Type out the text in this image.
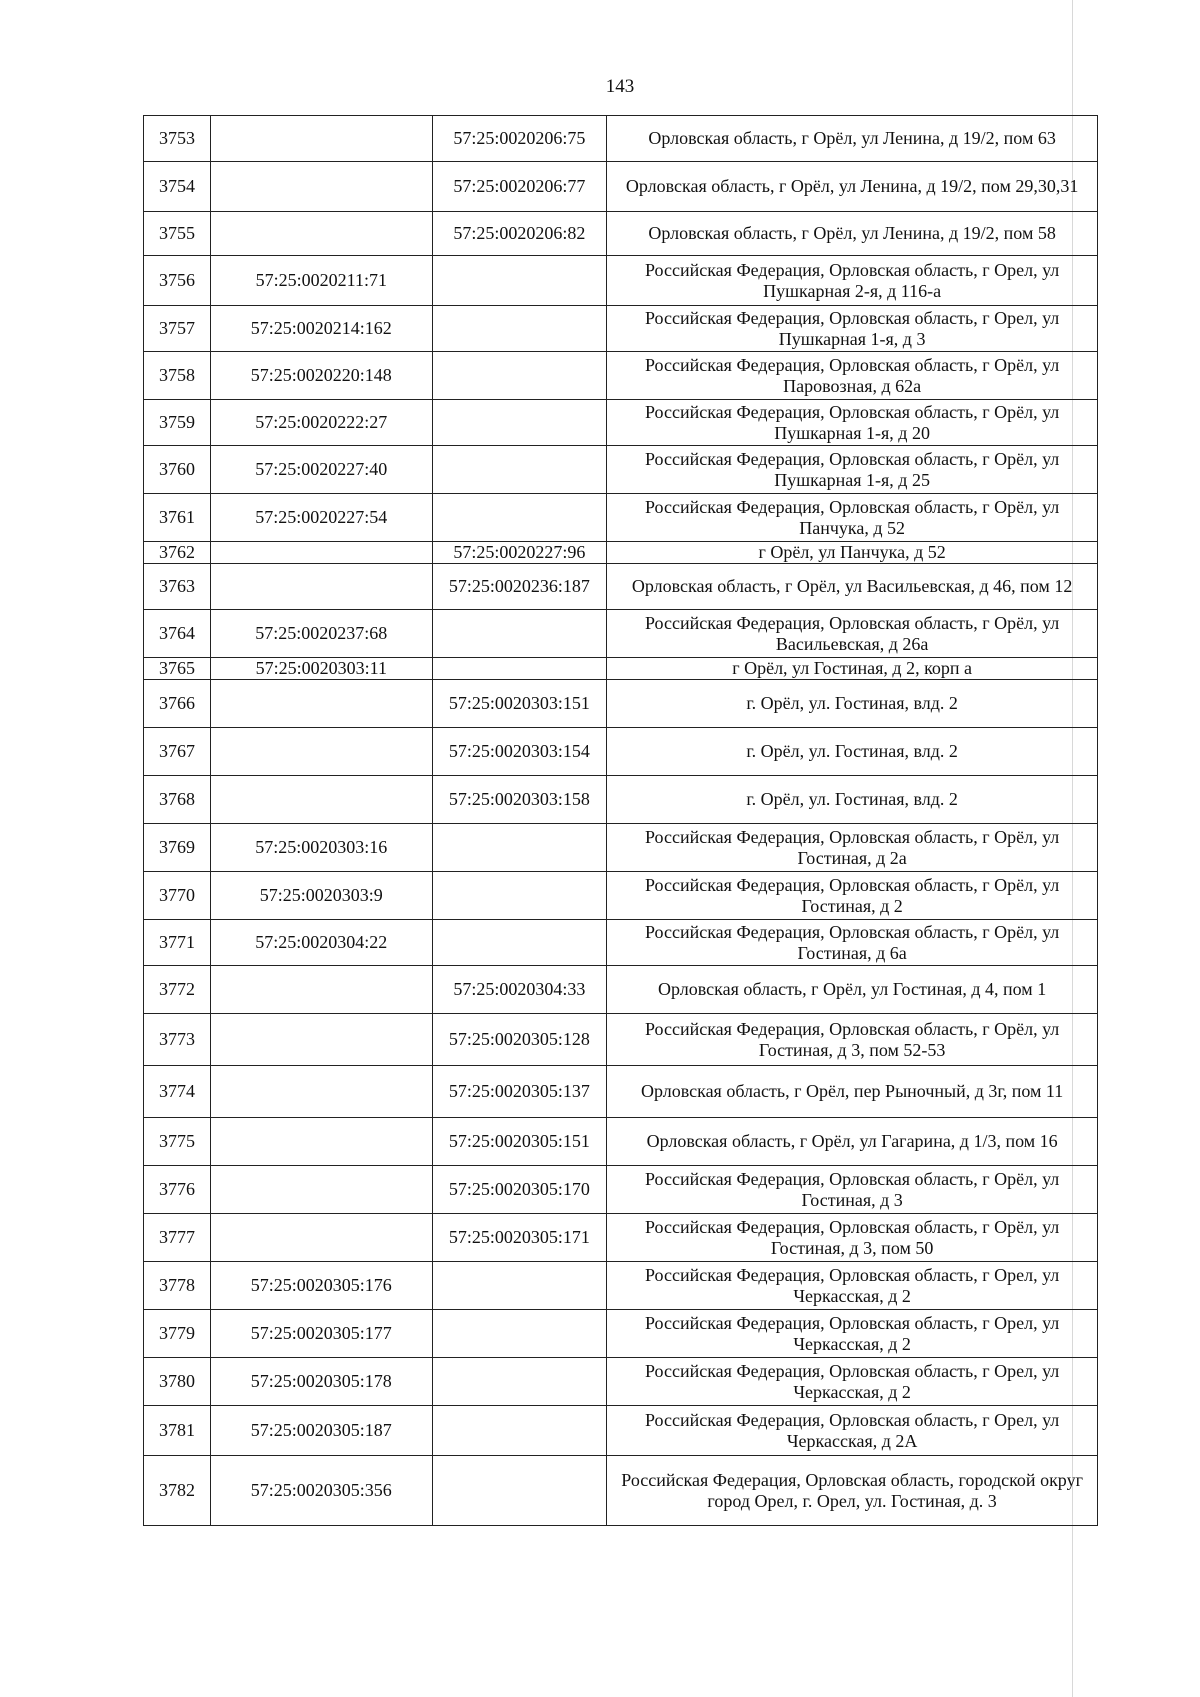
143
3753		57:25:0020206:75	Орловская область, г Орёл, ул Ленина, д 19/2, пом 63
3754		57:25:0020206:77	Орловская область, г Орёл, ул Ленина, д 19/2, пом 29,30,31
3755		57:25:0020206:82	Орловская область, г Орёл, ул Ленина, д 19/2, пом 58
3756	57:25:0020211:71		Российская Федерация, Орловская область, г Орел, ул Пушкарная 2-я, д 116-а
3757	57:25:0020214:162		Российская Федерация, Орловская область, г Орел, ул Пушкарная 1-я, д 3
3758	57:25:0020220:148		Российская Федерация, Орловская область, г Орёл, ул Паровозная, д 62а
3759	57:25:0020222:27		Российская Федерация, Орловская область, г Орёл, ул Пушкарная 1-я, д 20
3760	57:25:0020227:40		Российская Федерация, Орловская область, г Орёл, ул Пушкарная 1-я, д 25
3761	57:25:0020227:54		Российская Федерация, Орловская область, г Орёл, ул Панчука, д 52
3762		57:25:0020227:96	г Орёл, ул Панчука, д 52
3763		57:25:0020236:187	Орловская область, г Орёл, ул Васильевская, д 46, пом 12
3764	57:25:0020237:68		Российская Федерация, Орловская область, г Орёл, ул Васильевская, д 26а
3765	57:25:0020303:11		г Орёл, ул Гостиная, д 2, корп а
3766		57:25:0020303:151	г. Орёл, ул. Гостиная, влд. 2
3767		57:25:0020303:154	г. Орёл, ул. Гостиная, влд. 2
3768		57:25:0020303:158	г. Орёл, ул. Гостиная, влд. 2
3769	57:25:0020303:16		Российская Федерация, Орловская область, г Орёл, ул Гостиная, д 2а
3770	57:25:0020303:9		Российская Федерация, Орловская область, г Орёл, ул Гостиная, д 2
3771	57:25:0020304:22		Российская Федерация, Орловская область, г Орёл, ул Гостиная, д 6а
3772		57:25:0020304:33	Орловская область, г Орёл, ул Гостиная, д 4, пом 1
3773		57:25:0020305:128	Российская Федерация, Орловская область, г Орёл, ул Гостиная, д 3, пом 52-53
3774		57:25:0020305:137	Орловская область, г Орёл, пер Рыночный, д 3г, пом 11
3775		57:25:0020305:151	Орловская область, г Орёл, ул Гагарина, д 1/3, пом 16
3776		57:25:0020305:170	Российская Федерация, Орловская область, г Орёл, ул Гостиная, д 3
3777		57:25:0020305:171	Российская Федерация, Орловская область, г Орёл, ул Гостиная, д 3, пом 50
3778	57:25:0020305:176		Российская Федерация, Орловская область, г Орел, ул Черкасская, д 2
3779	57:25:0020305:177		Российская Федерация, Орловская область, г Орел, ул Черкасская, д 2
3780	57:25:0020305:178		Российская Федерация, Орловская область, г Орел, ул Черкасская, д 2
3781	57:25:0020305:187		Российская Федерация, Орловская область, г Орел, ул Черкасская, д 2А
3782	57:25:0020305:356		Российская Федерация, Орловская область, городской округ город Орел, г. Орел, ул. Гостиная, д. 3
